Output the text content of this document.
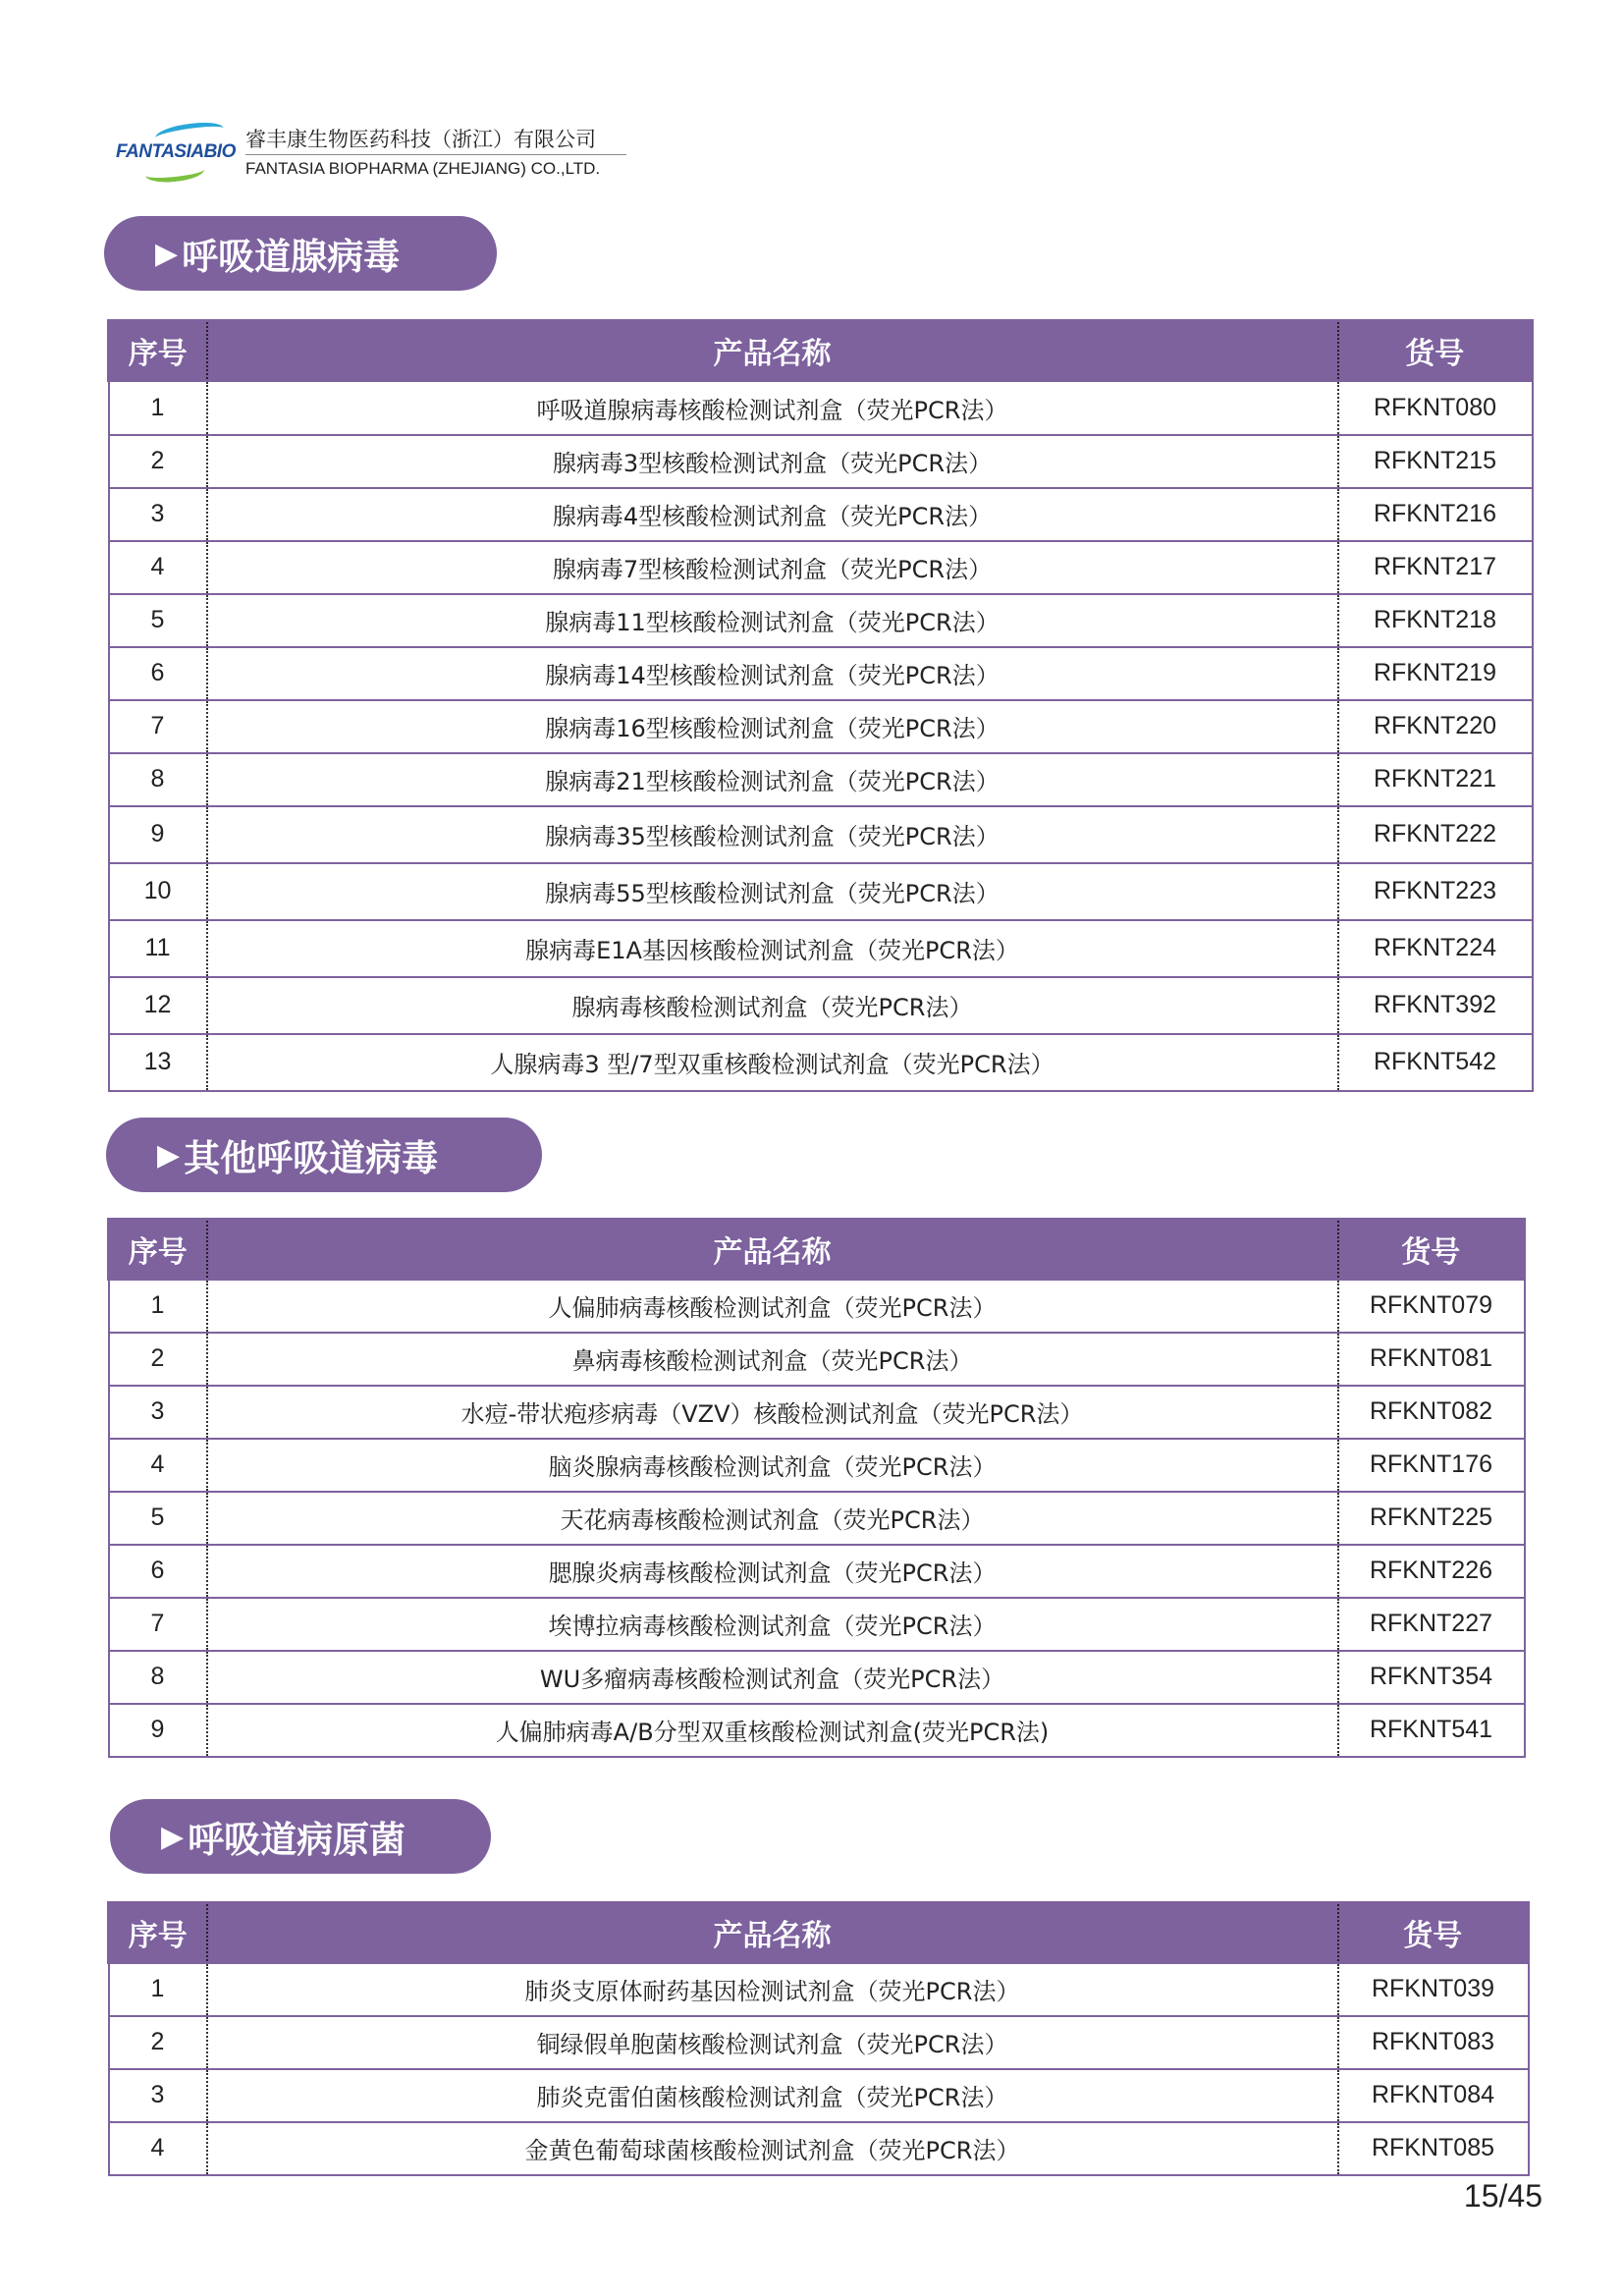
FANTASIABIO
睿丰康生物医药科技（浙江）有限公司
FANTASIA BIOPHARMA (ZHEJIANG) CO.,LTD.
▶ 呼吸道腺病毒
序号	产品名称	货号
1	呼吸道腺病毒核酸检测试剂盒（荧光PCR法）	RFKNT080
2	腺病毒3型核酸检测试剂盒（荧光PCR法）	RFKNT215
3	腺病毒4型核酸检测试剂盒（荧光PCR法）	RFKNT216
4	腺病毒7型核酸检测试剂盒（荧光PCR法）	RFKNT217
5	腺病毒11型核酸检测试剂盒（荧光PCR法）	RFKNT218
6	腺病毒14型核酸检测试剂盒（荧光PCR法）	RFKNT219
7	腺病毒16型核酸检测试剂盒（荧光PCR法）	RFKNT220
8	腺病毒21型核酸检测试剂盒（荧光PCR法）	RFKNT221
9	腺病毒35型核酸检测试剂盒（荧光PCR法）	RFKNT222
10	腺病毒55型核酸检测试剂盒（荧光PCR法）	RFKNT223
11	腺病毒E1A基因核酸检测试剂盒（荧光PCR法）	RFKNT224
12	腺病毒核酸检测试剂盒（荧光PCR法）	RFKNT392
13	人腺病毒3 型/7型双重核酸检测试剂盒（荧光PCR法）	RFKNT542
▶ 其他呼吸道病毒
序号	产品名称	货号
1	人偏肺病毒核酸检测试剂盒（荧光PCR法）	RFKNT079
2	鼻病毒核酸检测试剂盒（荧光PCR法）	RFKNT081
3	水痘-带状疱疹病毒（VZV）核酸检测试剂盒（荧光PCR法）	RFKNT082
4	脑炎腺病毒核酸检测试剂盒（荧光PCR法）	RFKNT176
5	天花病毒核酸检测试剂盒（荧光PCR法）	RFKNT225
6	腮腺炎病毒核酸检测试剂盒（荧光PCR法）	RFKNT226
7	埃博拉病毒核酸检测试剂盒（荧光PCR法）	RFKNT227
8	WU多瘤病毒核酸检测试剂盒（荧光PCR法）	RFKNT354
9	人偏肺病毒A/B分型双重核酸检测试剂盒(荧光PCR法)	RFKNT541
▶ 呼吸道病原菌
序号	产品名称	货号
1	肺炎支原体耐药基因检测试剂盒（荧光PCR法）	RFKNT039
2	铜绿假单胞菌核酸检测试剂盒（荧光PCR法）	RFKNT083
3	肺炎克雷伯菌核酸检测试剂盒（荧光PCR法）	RFKNT084
4	金黄色葡萄球菌核酸检测试剂盒（荧光PCR法）	RFKNT085
15/45
